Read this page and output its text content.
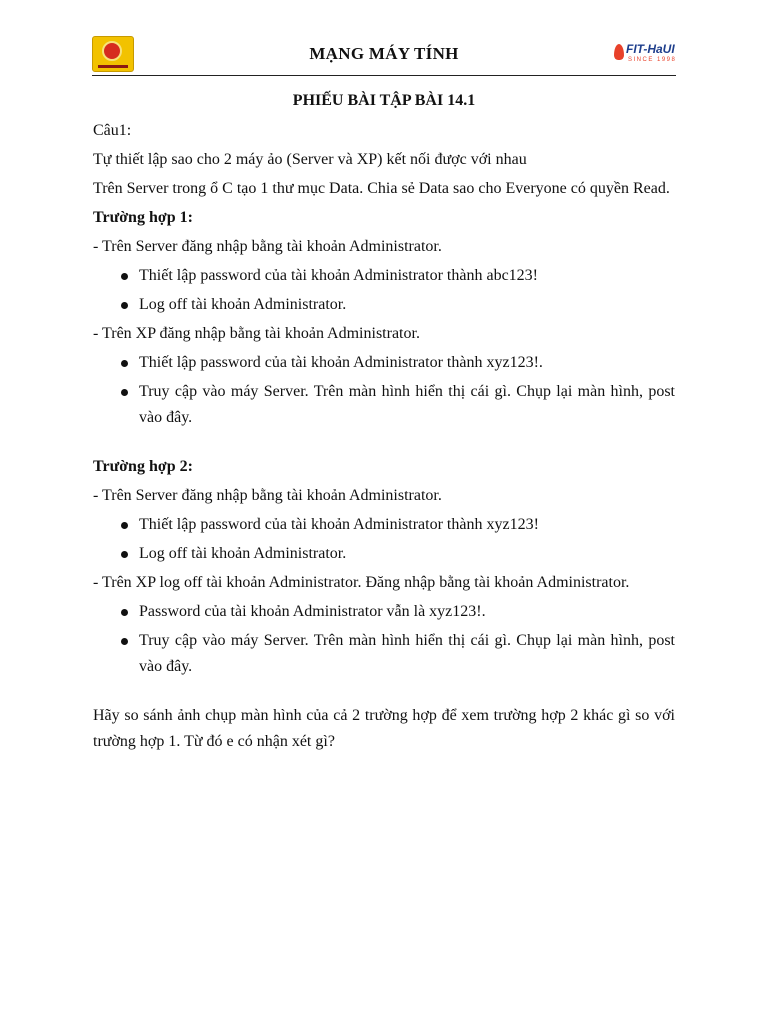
MẠNG MÁY TÍNH	FIT-HaUI
SINCE 1998
PHIẾU BÀI TẬP BÀI 14.1
Câu1:
Tự thiết lập sao cho 2 máy ảo (Server và XP) kết nối được với nhau
Trên Server trong ổ C tạo 1 thư mục Data. Chia sẻ Data sao cho Everyone có quyền Read.
Trường hợp 1:
- Trên Server đăng nhập bằng tài khoản Administrator.
Thiết lập password của tài khoản Administrator thành abc123!
Log off tài khoản Administrator.
- Trên XP đăng nhập bằng tài khoản Administrator.
Thiết lập password của tài khoản Administrator thành xyz123!.
Truy cập vào máy Server. Trên màn hình hiển thị cái gì. Chụp lại màn hình, post vào đây.
Trường hợp 2:
- Trên Server đăng nhập bằng tài khoản Administrator.
Thiết lập password của tài khoản Administrator thành xyz123!
Log off tài khoản Administrator.
- Trên XP log off tài khoản Administrator. Đăng nhập bằng tài khoản Administrator.
Password của tài khoản Administrator vẫn là xyz123!.
Truy cập vào máy Server. Trên màn hình hiển thị cái gì. Chụp lại màn hình, post vào đây.
Hãy so sánh ảnh chụp màn hình của cả 2 trường hợp để xem trường hợp 2 khác gì so với trường hợp 1. Từ đó e có nhận xét gì?
